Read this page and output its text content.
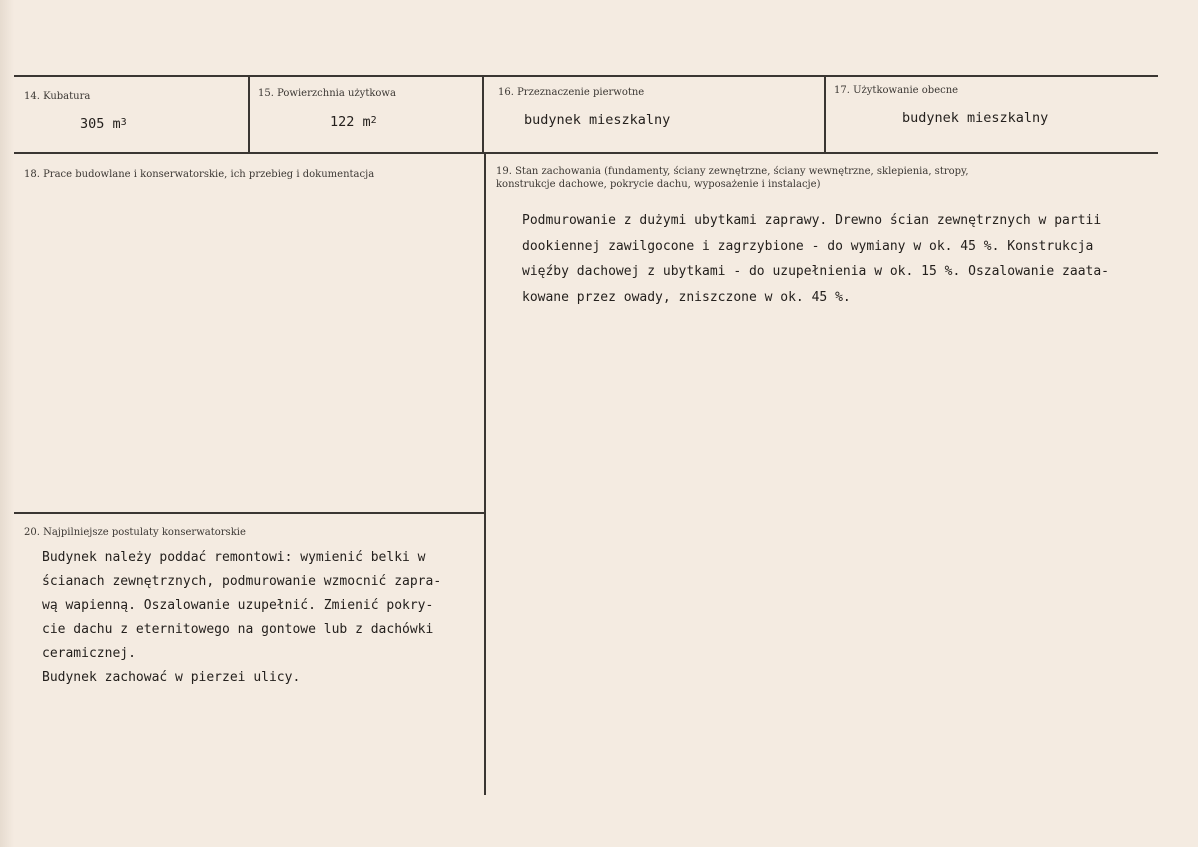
14. Kubatura
305 $m^3$
15. Powierzchnia użytkowa
122 $m^2$
16. Przeznaczenie pierwotne
budynek mieszkalny
17. Użytkowanie obecne
budynek mieszkalny
18. Prace budowlane i konserwatorskie, ich przebieg i dokumentacja	19. Stan zachowania (fundamenty, ściany zewnętrzne, ściany wewnętrzne, sklepienia, stropy,
konstrukcje dachowe, pokrycie dachu, wyposażenie i instalacje)
Podmurowanie z dużymi ubytkami zaprawy. Drewno ścian zewnętrznych w partii
dookiennej zawilgocone i zagrzybione - do wymiany w ok. 45 %. Konstrukcja
więźby dachowej z ubytkami - do uzupełnienia w ok. 15 %. Oszalowanie zaata-
kowane przez owady, zniszczone w ok. 45 %.
20. Najpilniejsze postulaty konserwatorskie
Budynek należy poddać remontowi: wymienić belki w
ścianach zewnętrznych, podmurowanie wzmocnić zapra-
wą wapienną. Oszalowanie uzupełnić. Zmienić pokry-
cie dachu z eternitowego na gontowe lub z dachówki
ceramicznej.
Budynek zachować w pierzei ulicy.
